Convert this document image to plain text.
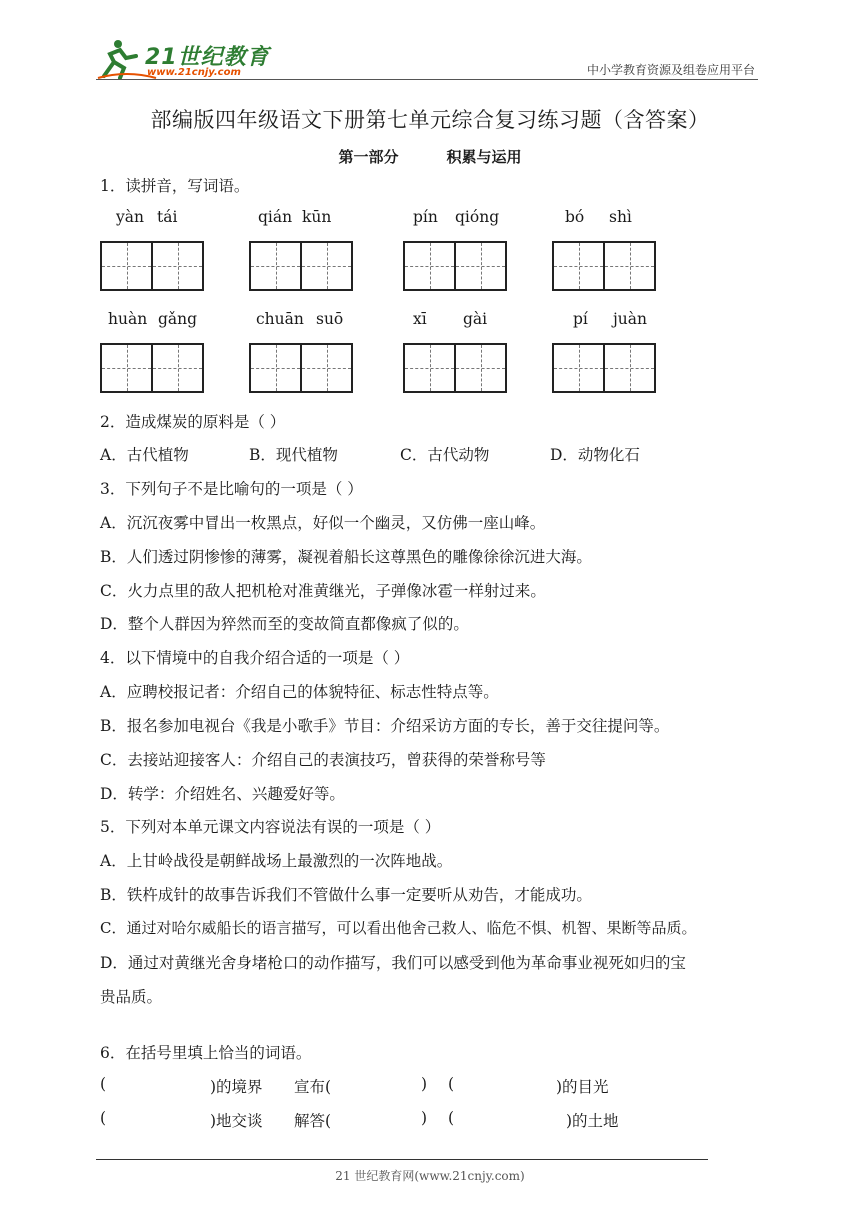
21世纪教育
www.21cnjy.com	中小学教育资源及组卷应用平台
部编版四年级语文下册第七单元综合复习练习题（含答案）
第一部分	积累与运用
1．读拼音，写词语。
yàn tái	qián kūn	pín qióng	bó shì
huàn gǎng	chuān suō	xī gài	pí juàn
2．造成煤炭的原料是（ ）
A．古代植物	B．现代植物	C．古代动物	D．动物化石
3．下列句子不是比喻句的一项是（ ）
A．沉沉夜雾中冒出一枚黑点，好似一个幽灵，又仿佛一座山峰。
B．人们透过阴惨惨的薄雾，凝视着船长这尊黑色的雕像徐徐沉进大海。
C．火力点里的敌人把机枪对准黄继光，子弹像冰雹一样射过来。
D．整个人群因为猝然而至的变故简直都像疯了似的。
4．以下情境中的自我介绍合适的一项是（ ）
A．应聘校报记者：介绍自己的体貌特征、标志性特点等。
B．报名参加电视台《我是小歌手》节目：介绍采访方面的专长，善于交往提问等。
C．去接站迎接客人：介绍自己的表演技巧，曾获得的荣誉称号等
D．转学：介绍姓名、兴趣爱好等。
5．下列对本单元课文内容说法有误的一项是（ ）
A．上甘岭战役是朝鲜战场上最激烈的一次阵地战。
B．铁杵成针的故事告诉我们不管做什么事一定要听从劝告，才能成功。
C．通过对哈尔威船长的语言描写，可以看出他舍己救人、临危不惧、机智、果断等品质。
D．通过对黄继光舍身堵枪口的动作描写，我们可以感受到他为革命事业视死如归的宝
贵品质。
6．在括号里填上恰当的词语。
(	)的境界 宣布(	) (	)的目光
(	)地交谈 解答(	) (	)的土地
21 世纪教育网(www.21cnjy.com)
